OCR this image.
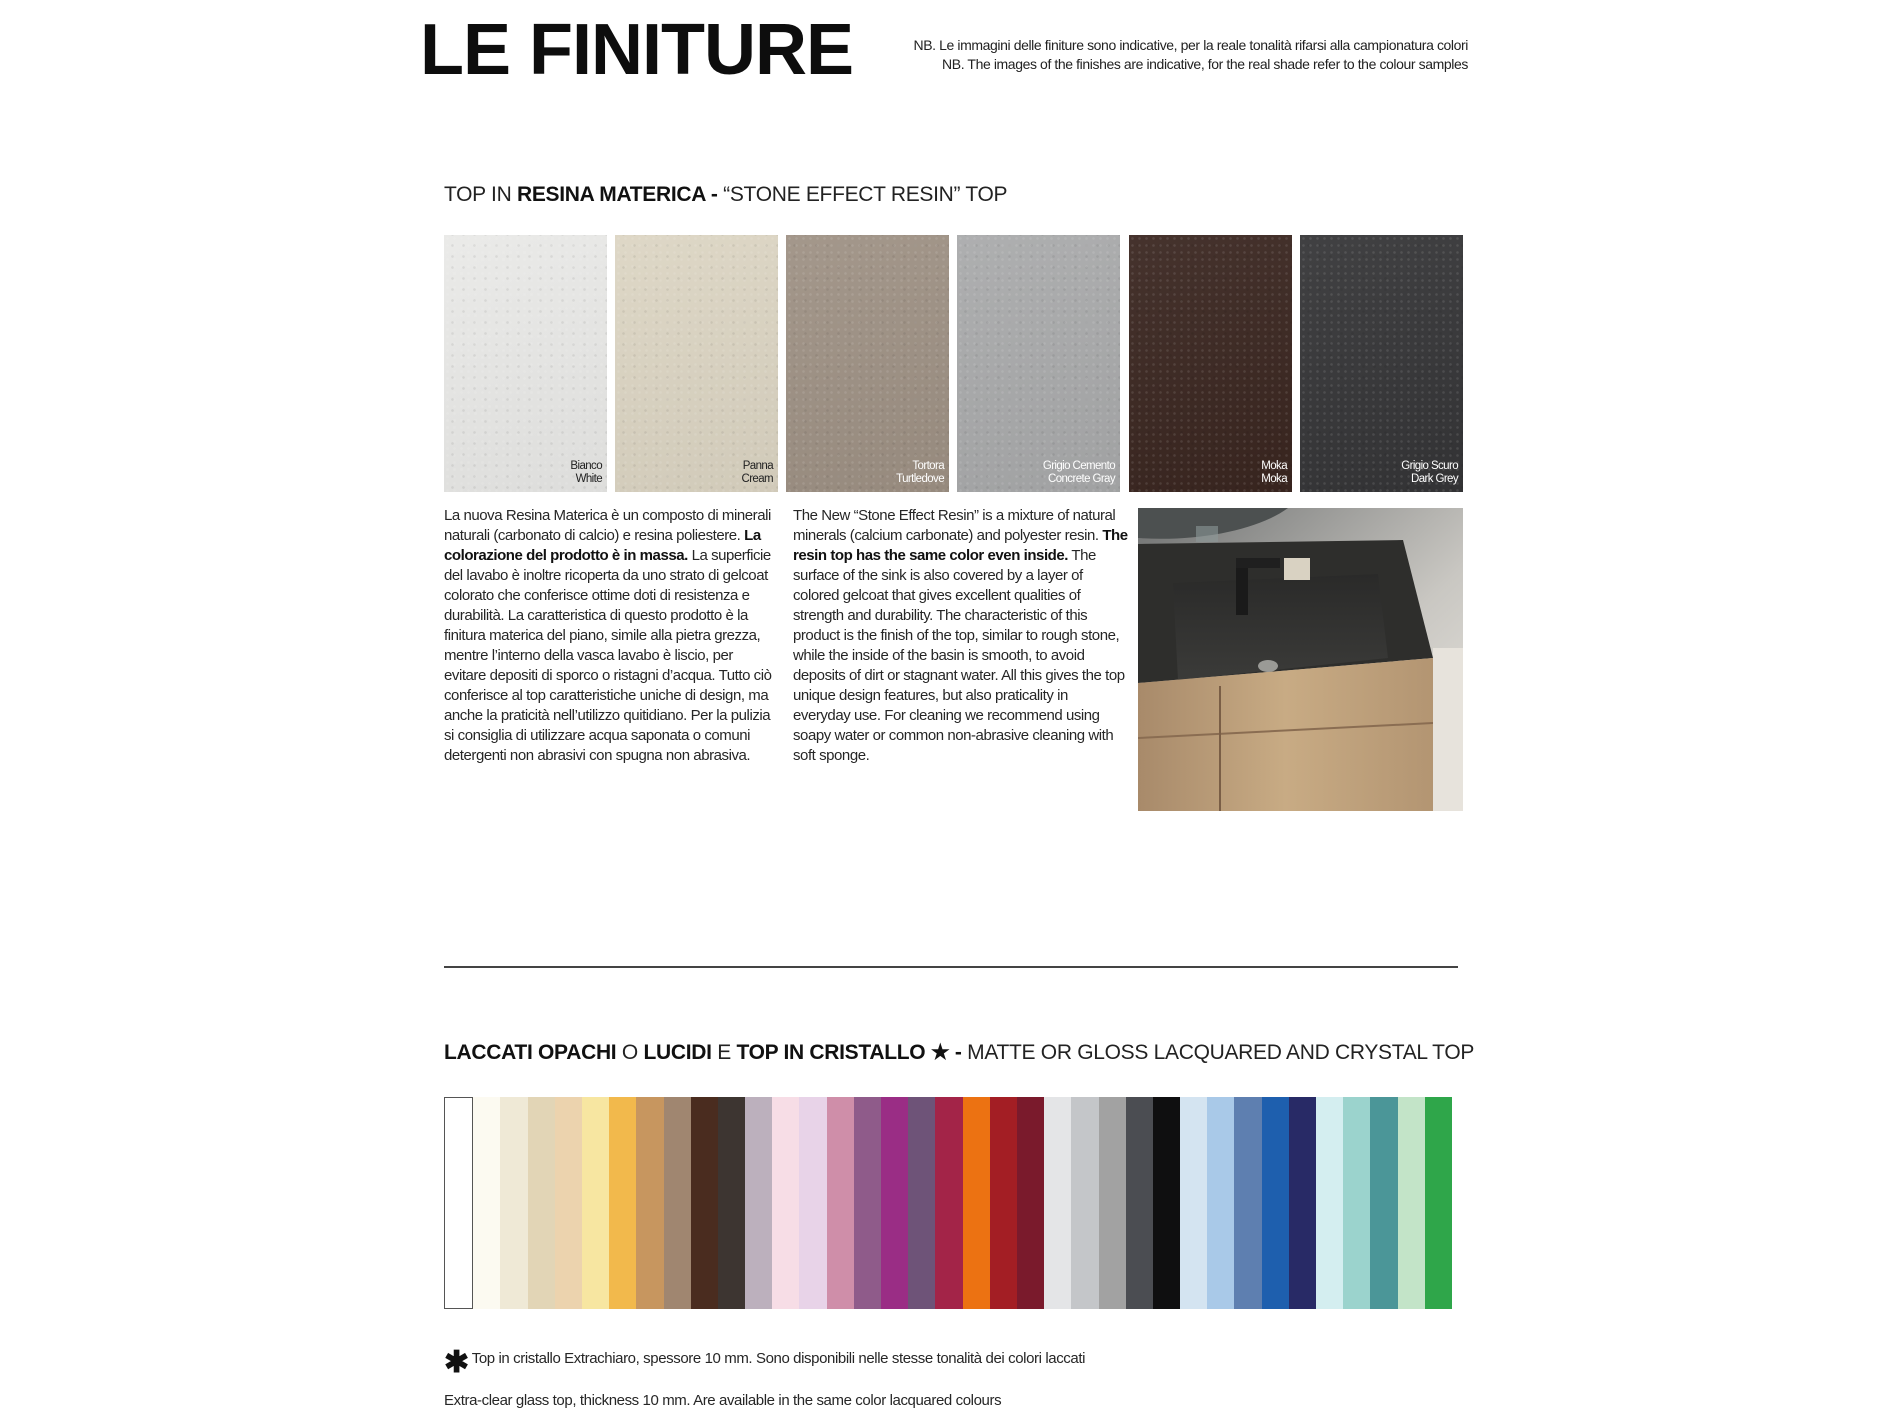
LE FINITURE	NB. Le immagini delle finiture sono indicative, per la reale tonalità rifarsi alla campionatura colori
NB. The images of the finishes are indicative, for the real shade refer to the colour samples
TOP IN RESINA MATERICA - “STONE EFFECT RESIN” TOP
Bianco
White
Panna
Cream
Tortora
Turtledove
Grigio Cemento
Concrete Gray
Moka
Moka
Grigio Scuro
Dark Grey

La nuova Resina Materica è un composto di minerali naturali (carbonato di calcio) e resina poliestere. La colorazione del prodotto è in massa. La superficie del lavabo è inoltre ricoperta da uno strato di gelcoat colorato che conferisce ottime doti di resistenza e durabilità. La caratteristica di questo prodotto è la finitura materica del piano, simile alla pietra grezza, mentre l’interno della vasca lavabo è liscio, per evitare depositi di sporco o ristagni d’acqua. Tutto ciò conferisce al top caratteristiche uniche di design, ma anche la praticità nell’utilizzo quitidiano. Per la pulizia si consiglia di utilizzare acqua saponata o comuni detergenti non abrasivi con spugna non abrasiva.

The New “Stone Effect Resin” is a mixture of natural minerals (calcium carbonate) and polyester resin. The resin top has the same color even inside. The surface of the sink is also covered by a layer of colored gelcoat that gives excellent qualities of strength and durability. The characteristic of this product is the finish of the top, similar to rough stone, while the inside of the basin is smooth, to avoid deposits of dirt or stagnant water. All this gives the top unique design features, but also praticality in everyday use. For cleaning we recommend using soapy water or common non-abrasive cleaning with soft sponge.

LACCATI OPACHI O LUCIDI E TOP IN CRISTALLO ★ - MATTE OR GLOSS LACQUARED AND CRYSTAL TOP
✱ Top in cristallo Extrachiaro, spessore 10 mm. Sono disponibili nelle stesse tonalità dei colori laccati
Extra-clear glass top, thickness 10 mm. Are available in the same color lacquared colours
